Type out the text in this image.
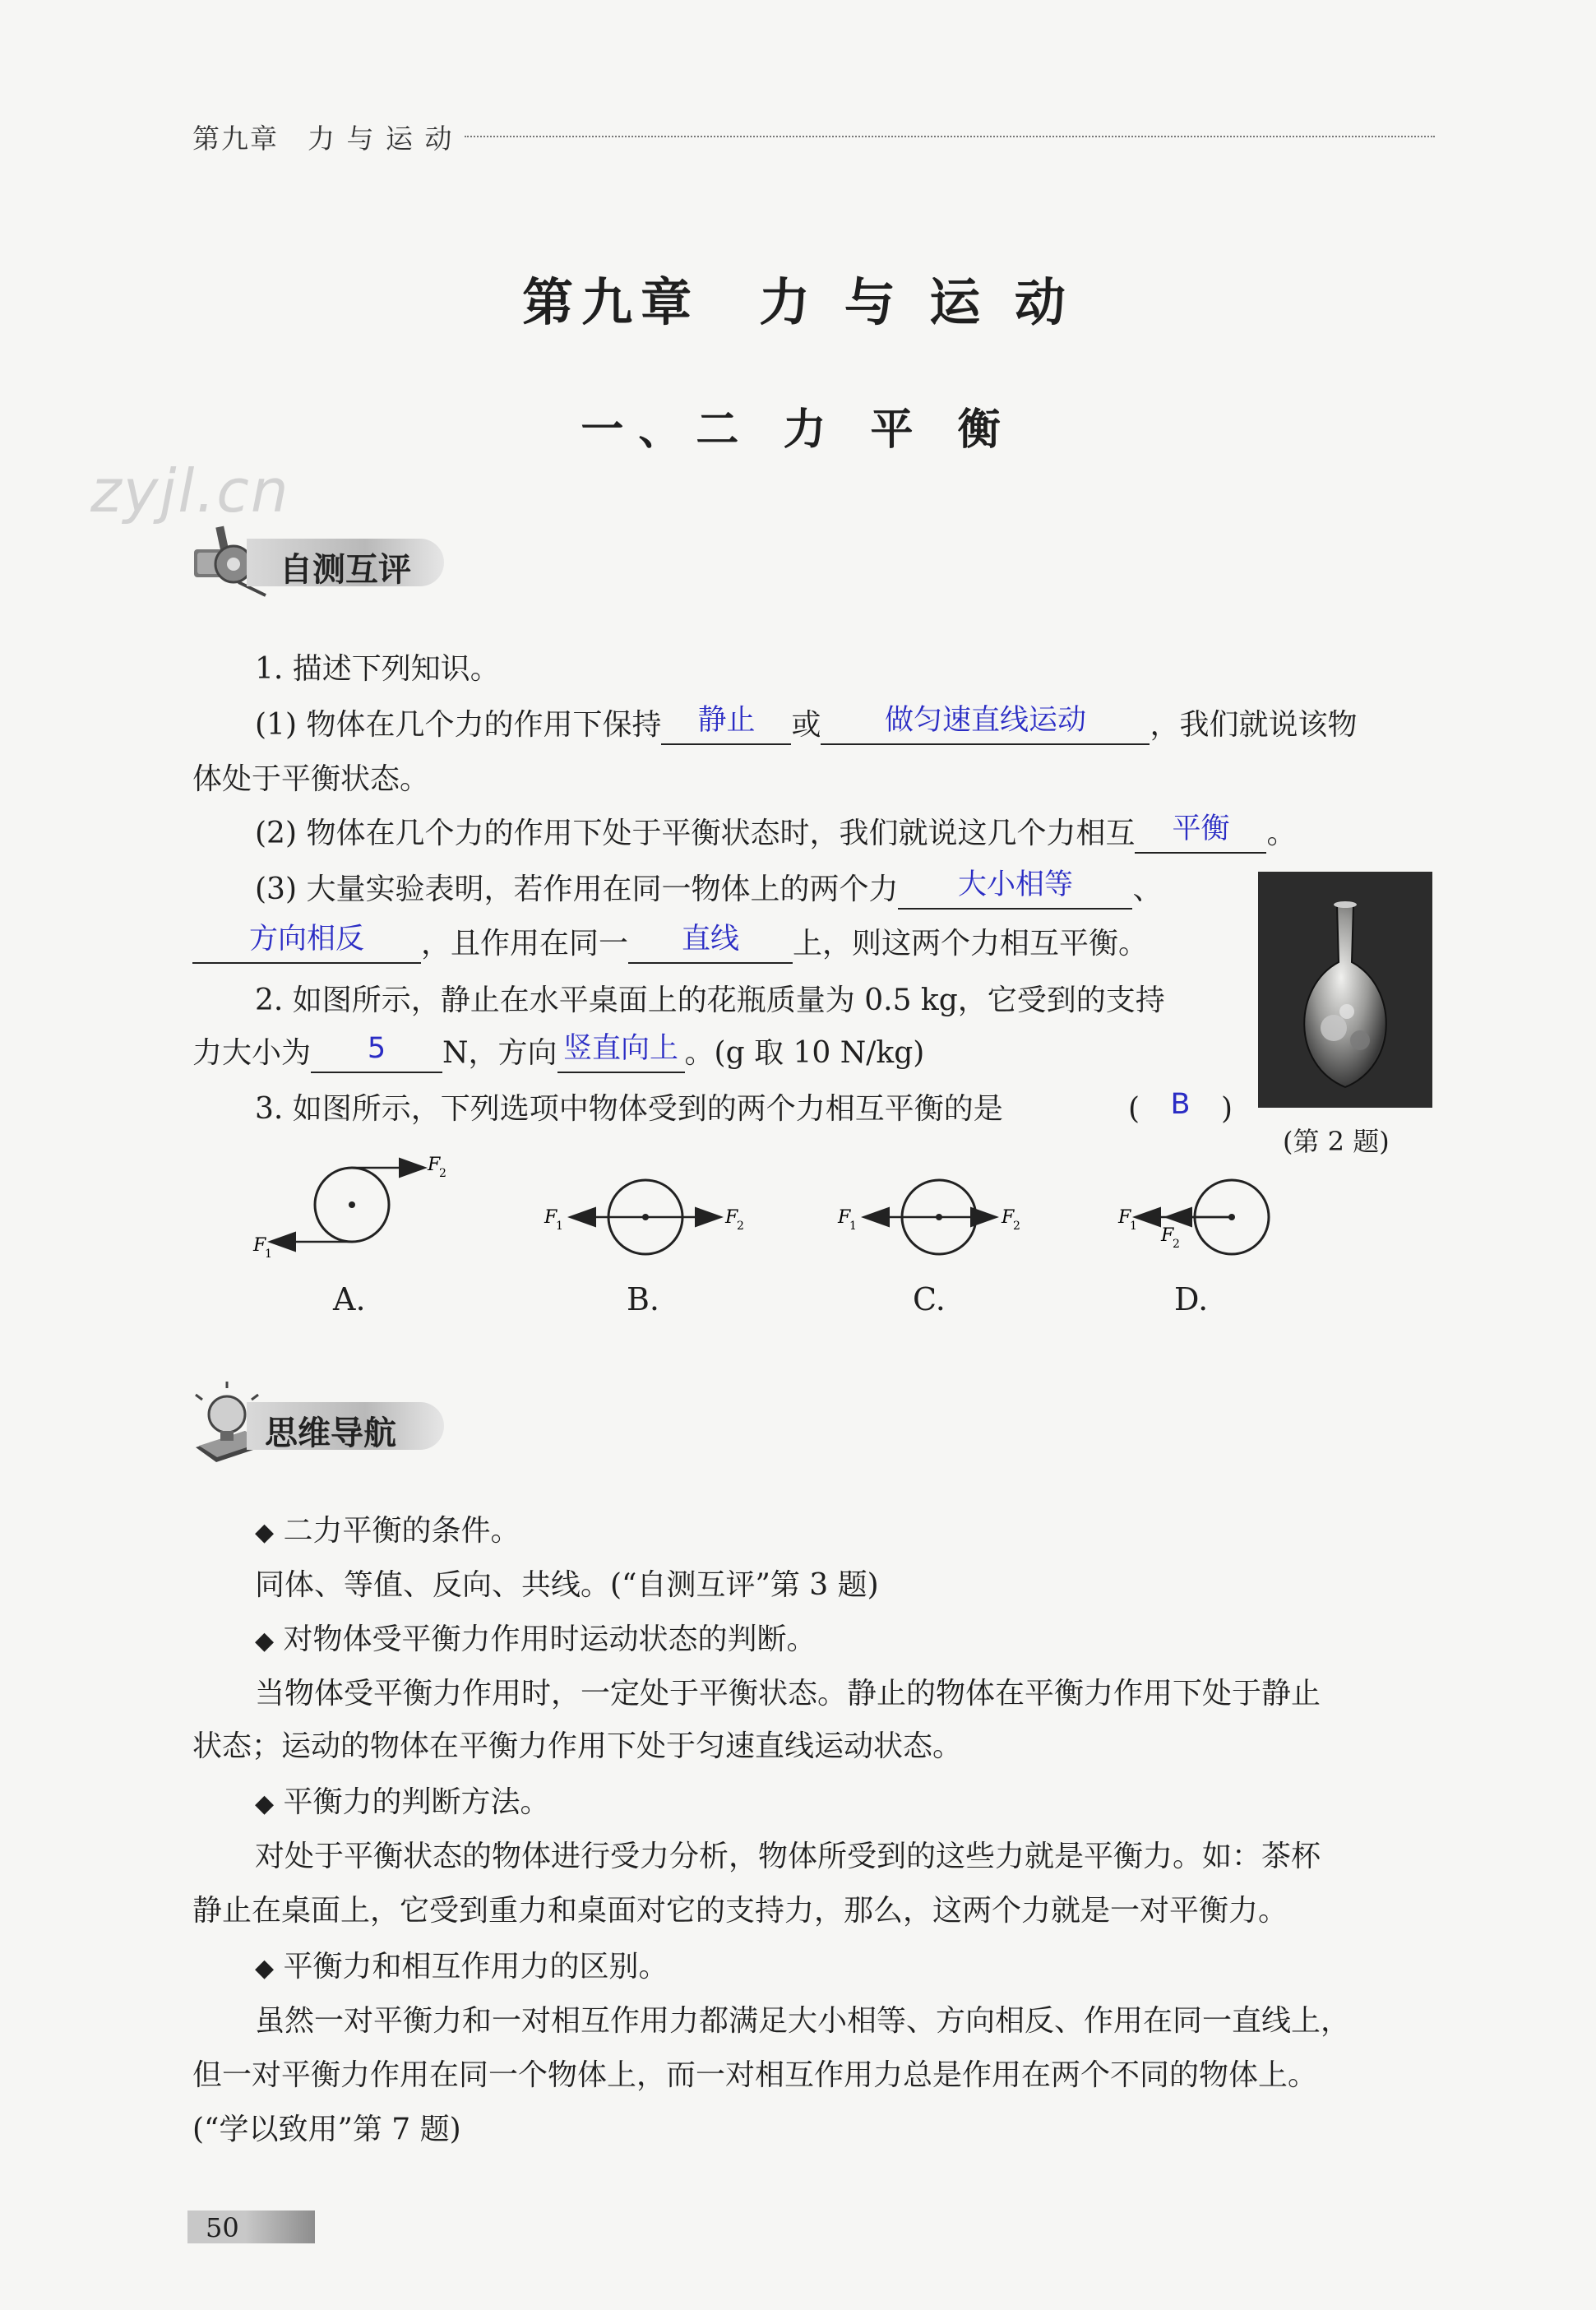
第九章　力 与 运 动
第九章　力 与 运 动
一、二 力 平 衡
zyjl.cn
自测互评
1. 描述下列知识。
(1) 物体在几个力的作用下保持 静止 或 做匀速直线运动 ，我们就说该物
体处于平衡状态。
(2) 物体在几个力的作用下处于平衡状态时，我们就说这几个力相互 平衡 。
(3) 大量实验表明，若作用在同一物体上的两个力 大小相等 、
方向相反 ，且作用在同一 直线 上，则这两个力相互平衡。
(第 2 题)
2. 如图所示，静止在水平桌面上的花瓶质量为 0.5 kg，它受到的支持
力大小为 5 N，方向 竖直向上 。(g 取 10 N/kg)
3. 如图所示，下列选项中物体受到的两个力相互平衡的是	( B )
F
2
F
1
F
1	F
2	F
1	F
2	F
1 F
2
A.	B.	C.	D.
思维导航
◆ 二力平衡的条件。
同体、等值、反向、共线。(“自测互评”第 3 题)
◆ 对物体受平衡力作用时运动状态的判断。
当物体受平衡力作用时，一定处于平衡状态。静止的物体在平衡力作用下处于静止
状态；运动的物体在平衡力作用下处于匀速直线运动状态。
◆ 平衡力的判断方法。
对处于平衡状态的物体进行受力分析，物体所受到的这些力就是平衡力。如：茶杯
静止在桌面上，它受到重力和桌面对它的支持力，那么，这两个力就是一对平衡力。
◆ 平衡力和相互作用力的区别。
虽然一对平衡力和一对相互作用力都满足大小相等、方向相反、作用在同一直线上，
但一对平衡力作用在同一个物体上，而一对相互作用力总是作用在两个不同的物体上。
(“学以致用”第 7 题)
50
